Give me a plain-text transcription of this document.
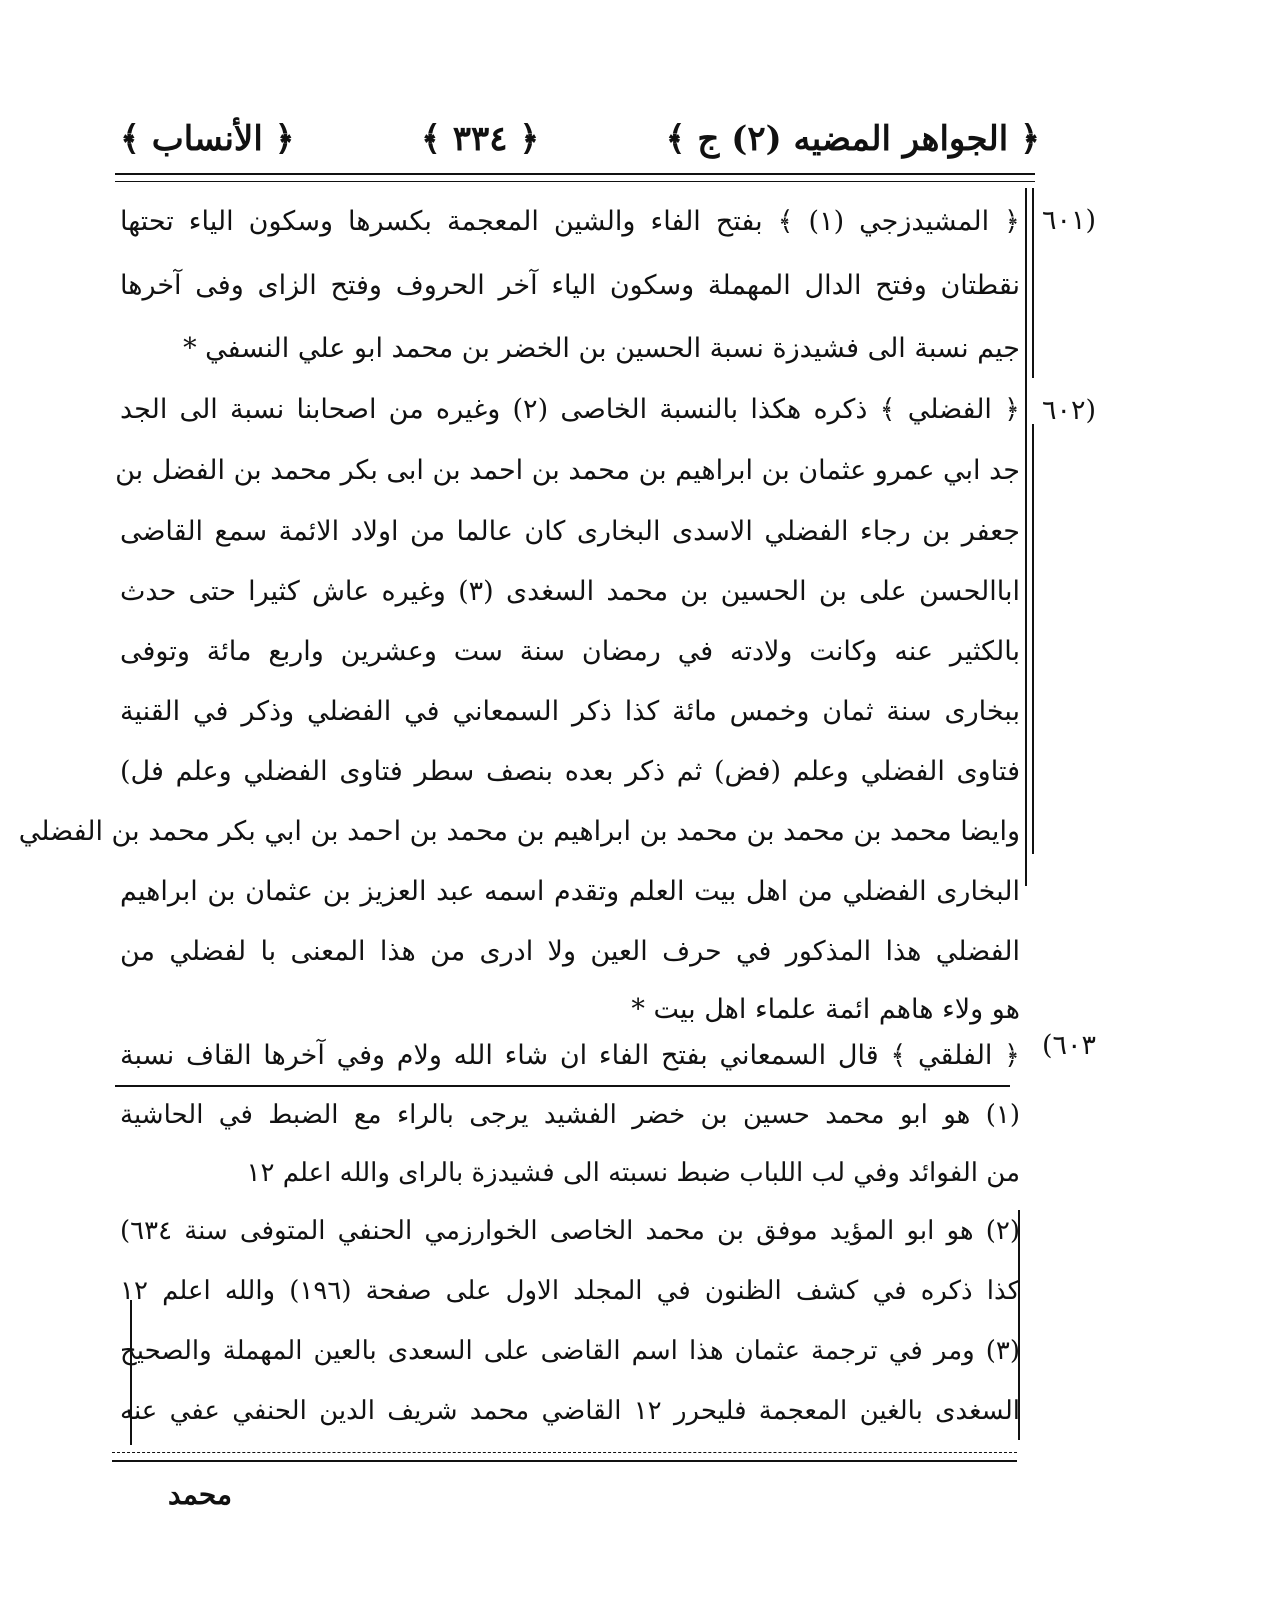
﴿ الجواهر المضيه (٢) ج ﴾
﴿ ٣٣٤ ﴾
﴿ الأنساب ﴾
(٦٠١
(٦٠٢
٦٠٣)
﴿ المشيدزجي (١) ﴾ بفتح الفاء والشين المعجمة بكسرها وسكون الياء تحتها
نقطتان وفتح الدال المهملة وسكون الياء آخر الحروف وفتح الزاى وفى آخرها
جيم نسبة الى فشيدزة نسبة الحسين بن الخضر بن محمد ابو علي النسفي *
﴿ الفضلي ﴾ ذكره هكذا بالنسبة الخاصى (٢) وغيره من اصحابنا نسبة الى الجد
جد ابي عمرو عثمان بن ابراهيم بن محمد بن احمد بن ابى بكر محمد بن الفضل بن
جعفر بن رجاء الفضلي الاسدى البخارى كان عالما من اولاد الائمة سمع القاضى
اباالحسن على بن الحسين بن محمد السغدى (٣) وغيره عاش كثيرا حتى حدث
بالكثير عنه وكانت ولادته في رمضان سنة ست وعشرين واربع مائة وتوفى
ببخارى سنة ثمان وخمس مائة كذا ذكر السمعاني في الفضلي وذكر في القنية
فتاوى الفضلي وعلم (فض) ثم ذكر بعده بنصف سطر فتاوى الفضلي وعلم فل)
وايضا محمد بن محمد بن محمد بن ابراهيم بن محمد بن احمد بن ابي بكر محمد بن الفضلي
البخارى الفضلي من اهل بيت العلم وتقدم اسمه عبد العزيز بن عثمان بن ابراهيم
الفضلي هذا المذكور في حرف العين ولا ادرى من هذا المعنى با لفضلي من
هو ولاء هاهم ائمة علماء اهل بيت *
﴿ الفلقي ﴾ قال السمعاني بفتح الفاء ان شاء الله ولام وفي آخرها القاف نسبة
(١) هو ابو محمد حسين بن خضر الفشيد يرجى بالراء مع الضبط في الحاشية
من الفوائد وفي لب اللباب ضبط نسبته الى فشيدزة بالراى والله اعلم ١٢
(٢) هو ابو المؤيد موفق بن محمد الخاصى الخوارزمي الحنفي المتوفى سنة ٦٣٤)
كذا ذكره في كشف الظنون في المجلد الاول على صفحة (١٩٦) والله اعلم ١٢
(٣) ومر في ترجمة عثمان هذا اسم القاضى على السعدى بالعين المهملة والصحيح
السغدى بالغين المعجمة فليحرر ١٢ القاضي محمد شريف الدين الحنفي عفي عنه
محمد
